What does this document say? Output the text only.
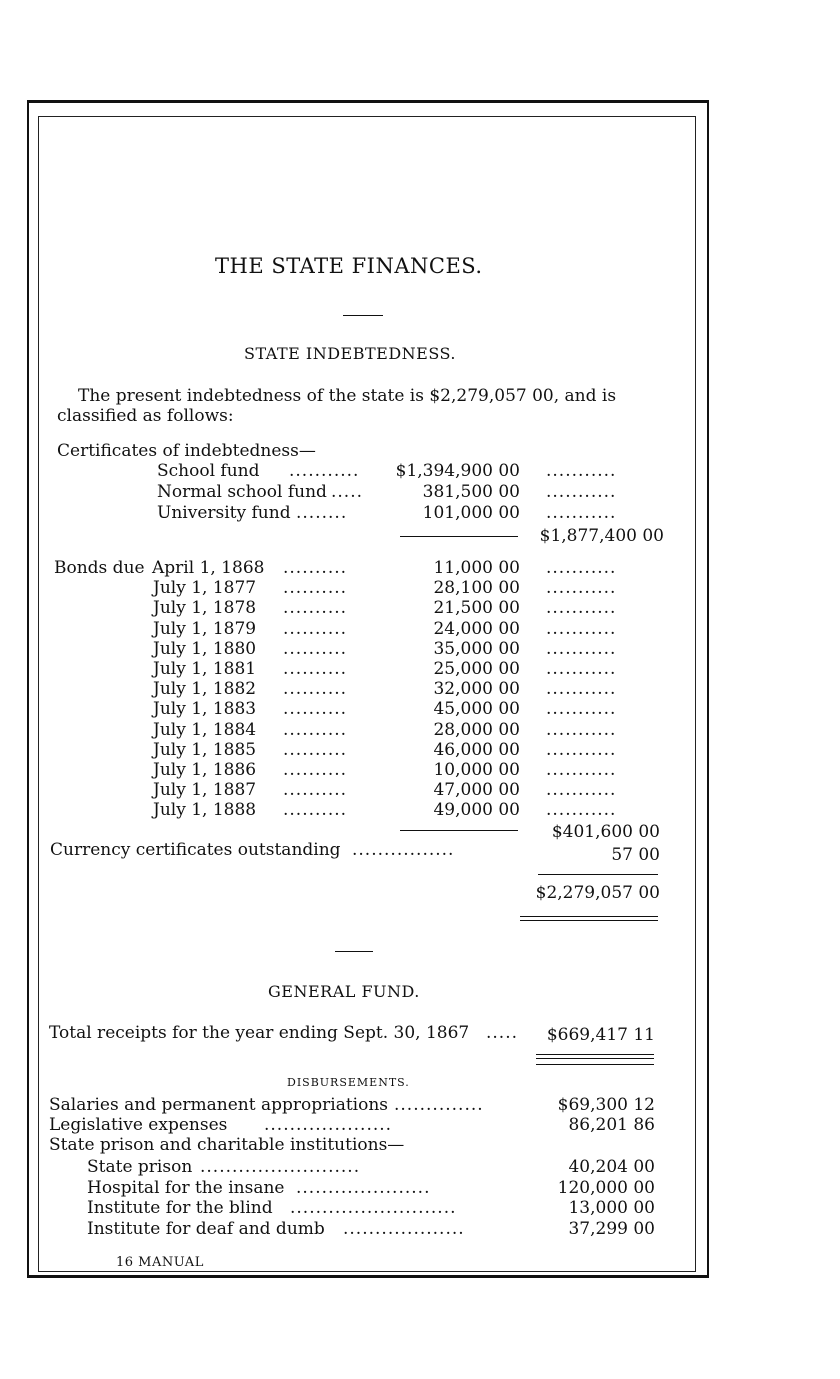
THE STATE FINANCES.
STATE INDEBTEDNESS.
The present indebtedness of the state is $2,279,057 00, and is
classified as follows:
Certificates of indebtedness—
School fund ...........	$1,394,900 00 ...........
Normal school fund .....	381,500 00 ...........
University fund ........	101,000 00 ...........
$1,877,400 00
Bonds due April 1, 1868 ..........	11,000 00 ...........
July 1, 1877 ..........	28,100 00 ...........
July 1, 1878 ..........	21,500 00 ...........
July 1, 1879 ..........	24,000 00 ...........
July 1, 1880 ..........	35,000 00 ...........
July 1, 1881 ..........	25,000 00 ...........
July 1, 1882 ..........	32,000 00 ...........
July 1, 1883 ..........	45,000 00 ...........
July 1, 1884 ..........	28,000 00 ...........
July 1, 1885 ..........	46,000 00 ...........
July 1, 1886 ..........	10,000 00 ...........
July 1, 1887 ..........	47,000 00 ...........
July 1, 1888 ..........	49,000 00 ...........
$401,600 00
Currency certificates outstanding ................	57 00
$2,279,057 00
GENERAL FUND.
Total receipts for the year ending Sept. 30, 1867 .....	$669,417 11
DISBURSEMENTS.
Salaries and permanent appropriations ..............	$69,300 12
Legislative expenses ....................	86,201 86
State prison and charitable institutions—
State prison .........................	40,204 00
Hospital for the insane .....................	120,000 00
Institute for the blind ..........................	13,000 00
Institute for deaf and dumb ...................	37,299 00
16 MANUAL
